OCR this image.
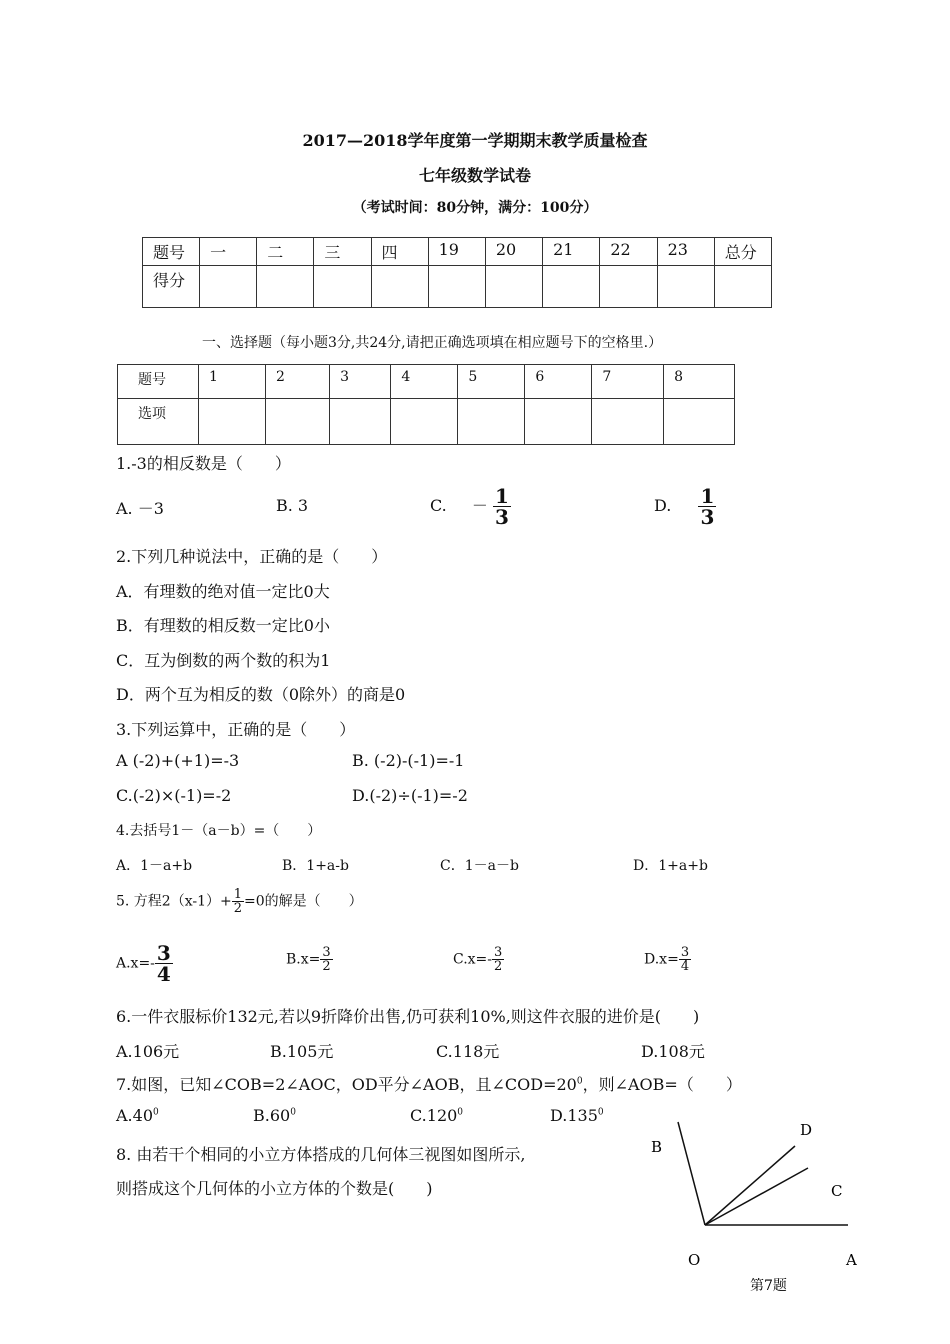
2017—2018学年度第一学期期末教学质量检查
七年级数学试卷
（考试时间：80分钟，满分：100分）
题号	一	二	三	四	19	20	21	22	23	总分
得分										
一、选择题（每小题3分,共24分,请把正确选项填在相应题号下的空格里.）
题号	1	2	3	4	5	6	7	8
选项								
1.-3的相反数是（　　）
A. －3	B. 3	C. － $\frac{1}{3}$	D. $\frac{1}{3}$
2.下列几种说法中，正确的是（　　）
A．有理数的绝对值一定比0大
B．有理数的相反数一定比0小
C．互为倒数的两个数的积为1
D．两个互为相反的数（0除外）的商是0
3.下列运算中，正确的是（　　）
A (-2)+(+1)=-3	B. (-2)-(-1)=-1
C.(-2)×(-1)=-2	D.(-2)÷(-1)=-2
4.去括号1－（a－b）=（　　）
A．1－a+b	B．1+a-b	C．1－a－b	D．1+a+b
5. 方程$2(x-1)+ \frac{1}{2} =0$的解是（　　）
$A.x=- \frac{3}{4}$	$B.x= \frac{3}{2}$	$C.x=- \frac{3}{2}$	$D.x= \frac{3}{4}$
6.一件衣服标价132元,若以9折降价出售,仍可获利10%,则这件衣服的进价是(　　)
A.106元	B.105元	C.118元	D.108元
7.如图，已知∠COB=2∠AOC，OD平分∠AOB，且$\angle COD=20^0$，则∠AOB=（　　）
$A.40^0$	$B.60^0$	C.120$^0$	D.135$^0$
8. 由若干个相同的小立方体搭成的几何体三视图如图所示,
则搭成这个几何体的小立方体的个数是(　　)
B
D
C
O	A
第7题
